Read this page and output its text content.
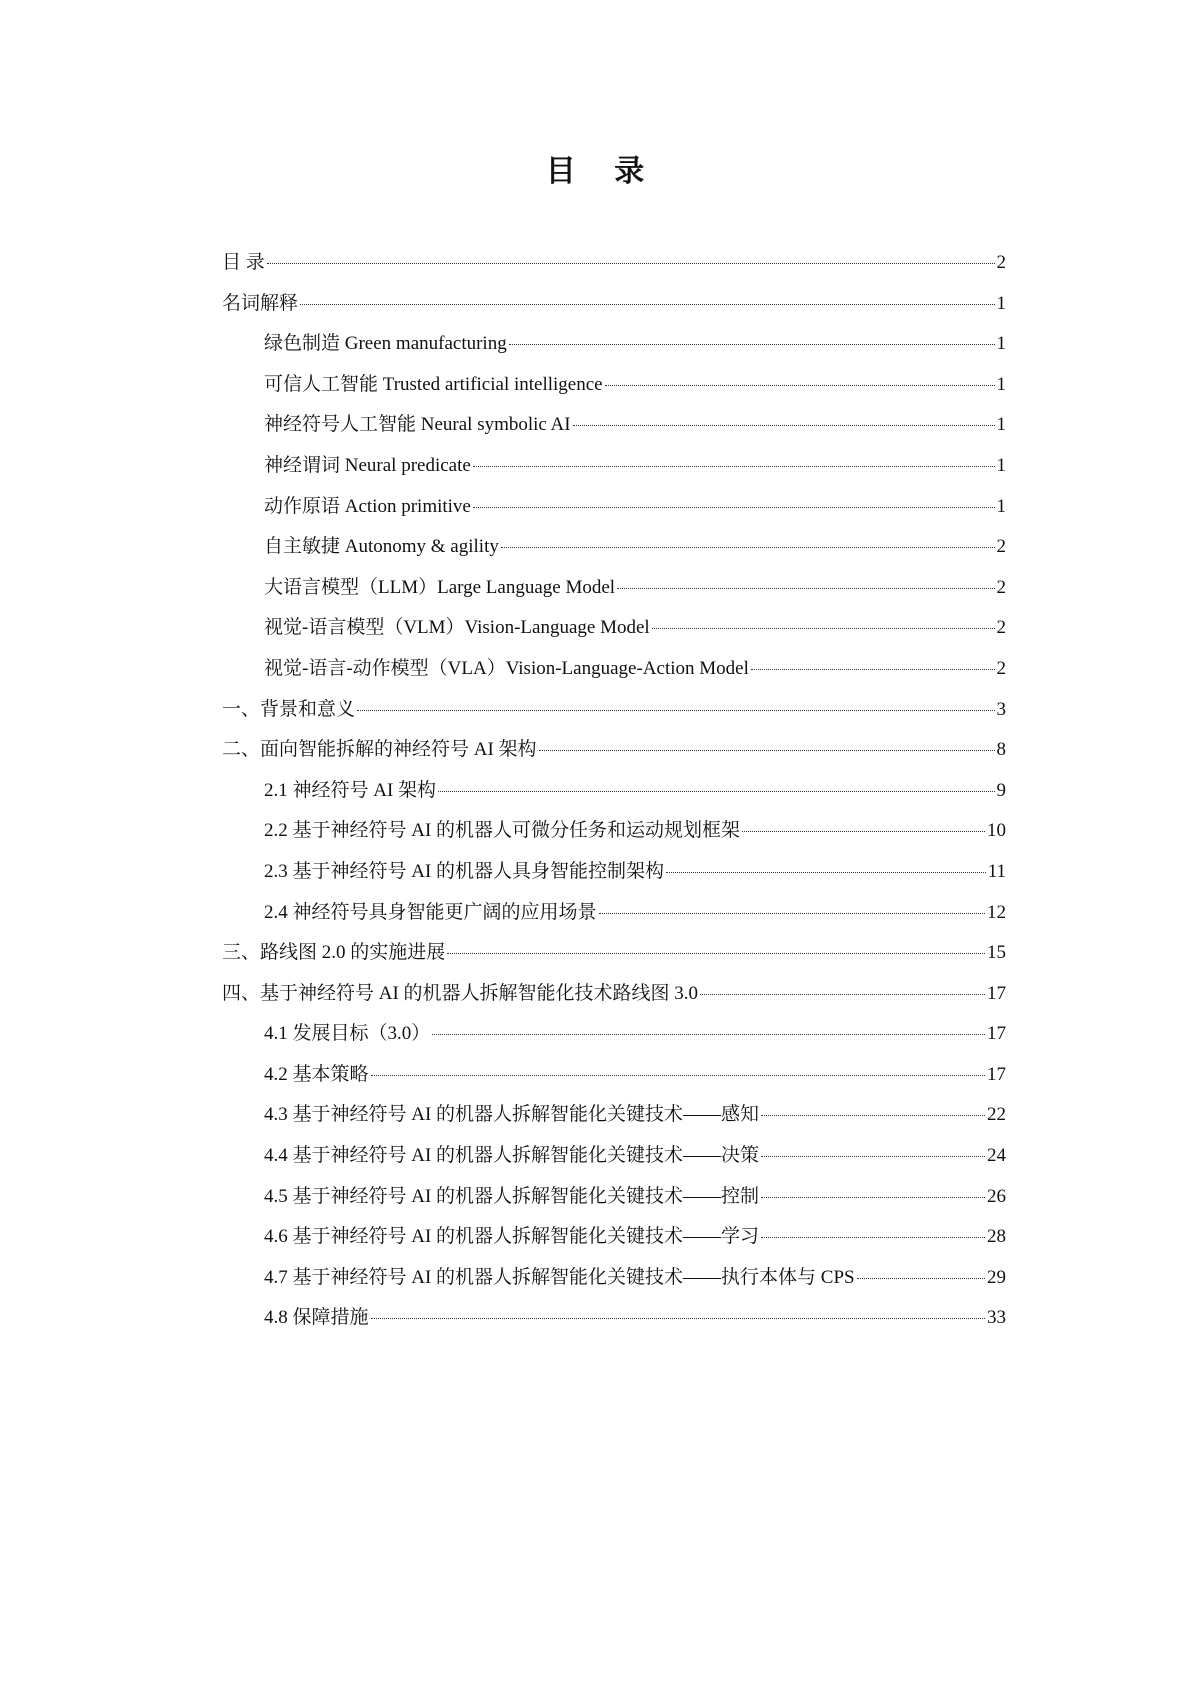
目 录
目 录	2
名词解释	1
绿色制造 Green manufacturing	1
可信人工智能 Trusted artificial intelligence	1
神经符号人工智能 Neural symbolic AI	1
神经谓词 Neural predicate	1
动作原语 Action primitive	1
自主敏捷 Autonomy & agility	2
大语言模型（LLM）Large Language Model	2
视觉-语言模型（VLM）Vision-Language Model	2
视觉-语言-动作模型（VLA）Vision-Language-Action Model	2
一、背景和意义	3
二、面向智能拆解的神经符号 AI 架构	8
2.1 神经符号 AI 架构	9
2.2 基于神经符号 AI 的机器人可微分任务和运动规划框架	10
2.3 基于神经符号 AI 的机器人具身智能控制架构	11
2.4 神经符号具身智能更广阔的应用场景	12
三、路线图 2.0 的实施进展	15
四、基于神经符号 AI 的机器人拆解智能化技术路线图 3.0	17
4.1 发展目标（3.0）	17
4.2 基本策略	17
4.3 基于神经符号 AI 的机器人拆解智能化关键技术——感知	22
4.4 基于神经符号 AI 的机器人拆解智能化关键技术——决策	24
4.5 基于神经符号 AI 的机器人拆解智能化关键技术——控制	26
4.6 基于神经符号 AI 的机器人拆解智能化关键技术——学习	28
4.7 基于神经符号 AI 的机器人拆解智能化关键技术——执行本体与 CPS	29
4.8 保障措施	33
